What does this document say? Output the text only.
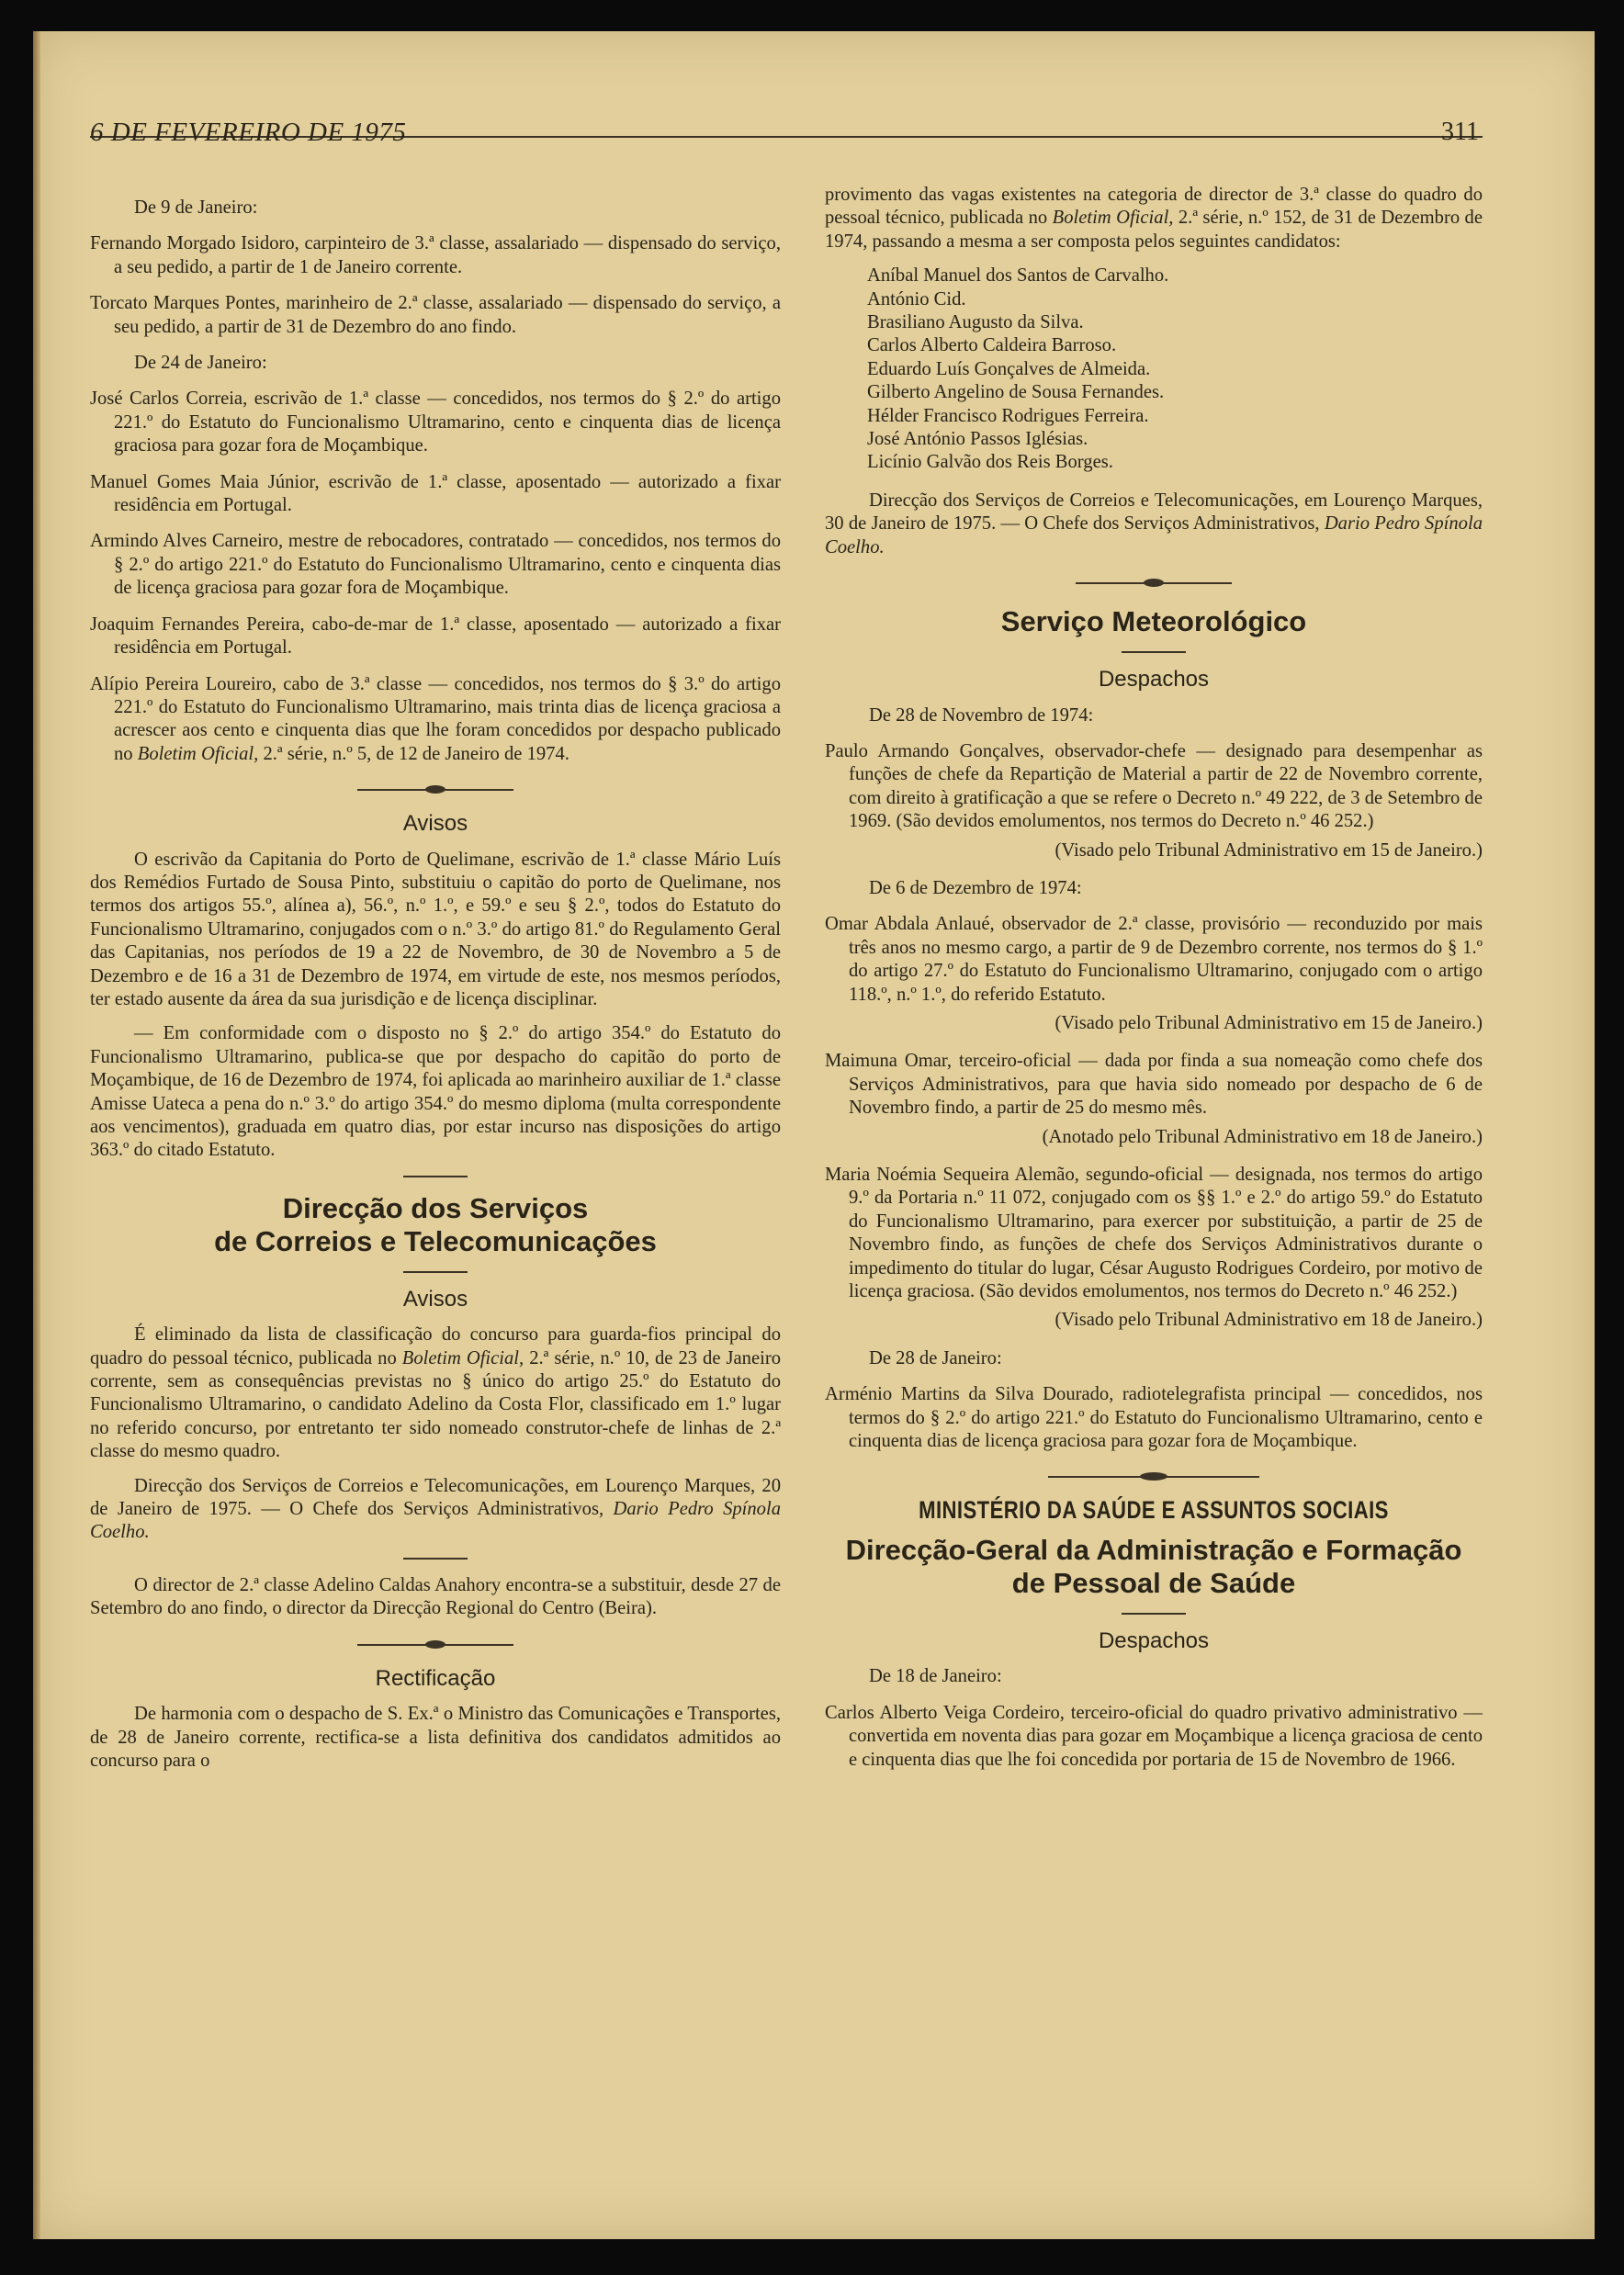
6 DE FEVEREIRO DE 1975	311

De 9 de Janeiro:

Fernando Morgado Isidoro, carpinteiro de 3.ª classe, assalariado — dispensado do serviço, a seu pedido, a partir de 1 de Janeiro corrente.

Torcato Marques Pontes, marinheiro de 2.ª classe, assalariado — dispensado do serviço, a seu pedido, a partir de 31 de Dezembro do ano findo.

De 24 de Janeiro:

José Carlos Correia, escrivão de 1.ª classe — concedidos, nos termos do § 2.º do artigo 221.º do Estatuto do Funcionalismo Ultramarino, cento e cinquenta dias de licença graciosa para gozar fora de Moçambique.

Manuel Gomes Maia Júnior, escrivão de 1.ª classe, aposentado — autorizado a fixar residência em Portugal.

Armindo Alves Carneiro, mestre de rebocadores, contratado — concedidos, nos termos do § 2.º do artigo 221.º do Estatuto do Funcionalismo Ultramarino, cento e cinquenta dias de licença graciosa para gozar fora de Moçambique.

Joaquim Fernandes Pereira, cabo-de-mar de 1.ª classe, aposentado — autorizado a fixar residência em Portugal.

Alípio Pereira Loureiro, cabo de 3.ª classe — concedidos, nos termos do § 3.º do artigo 221.º do Estatuto do Funcionalismo Ultramarino, mais trinta dias de licença graciosa a acrescer aos cento e cinquenta dias que lhe foram concedidos por despacho publicado no Boletim Oficial, 2.ª série, n.º 5, de 12 de Janeiro de 1974.

Avisos

O escrivão da Capitania do Porto de Quelimane, escrivão de 1.ª classe Mário Luís dos Remédios Furtado de Sousa Pinto, substituiu o capitão do porto de Quelimane, nos termos dos artigos 55.º, alínea a), 56.º, n.º 1.º, e 59.º e seu § 2.º, todos do Estatuto do Funcionalismo Ultramarino, conjugados com o n.º 3.º do artigo 81.º do Regulamento Geral das Capitanias, nos períodos de 19 a 22 de Novembro, de 30 de Novembro a 5 de Dezembro e de 16 a 31 de Dezembro de 1974, em virtude de este, nos mesmos períodos, ter estado ausente da área da sua jurisdição e de licença disciplinar.

— Em conformidade com o disposto no § 2.º do artigo 354.º do Estatuto do Funcionalismo Ultramarino, publica-se que por despacho do capitão do porto de Moçambique, de 16 de Dezembro de 1974, foi aplicada ao marinheiro auxiliar de 1.ª classe Amisse Uateca a pena do n.º 3.º do artigo 354.º do mesmo diploma (multa correspondente aos vencimentos), graduada em quatro dias, por estar incurso nas disposições do artigo 363.º do citado Estatuto.

Direcção dos Serviços
de Correios e Telecomunicações
Avisos

É eliminado da lista de classificação do concurso para guarda-fios principal do quadro do pessoal técnico, publicada no Boletim Oficial, 2.ª série, n.º 10, de 23 de Janeiro corrente, sem as consequências previstas no § único do artigo 25.º do Estatuto do Funcionalismo Ultramarino, o candidato Adelino da Costa Flor, classificado em 1.º lugar no referido concurso, por entretanto ter sido nomeado construtor-chefe de linhas de 2.ª classe do mesmo quadro.

Direcção dos Serviços de Correios e Telecomunicações, em Lourenço Marques, 20 de Janeiro de 1975. — O Chefe dos Serviços Administrativos, Dario Pedro Spínola Coelho.

O director de 2.ª classe Adelino Caldas Anahory encontra-se a substituir, desde 27 de Setembro do ano findo, o director da Direcção Regional do Centro (Beira).

Rectificação

De harmonia com o despacho de S. Ex.ª o Ministro das Comunicações e Transportes, de 28 de Janeiro corrente, rectifica-se a lista definitiva dos candidatos admitidos ao concurso para o

provimento das vagas existentes na categoria de director de 3.ª classe do quadro do pessoal técnico, publicada no Boletim Oficial, 2.ª série, n.º 152, de 31 de Dezembro de 1974, passando a mesma a ser composta pelos seguintes candidatos:

Aníbal Manuel dos Santos de Carvalho.
António Cid.
Brasiliano Augusto da Silva.
Carlos Alberto Caldeira Barroso.
Eduardo Luís Gonçalves de Almeida.
Gilberto Angelino de Sousa Fernandes.
Hélder Francisco Rodrigues Ferreira.
José António Passos Iglésias.
Licínio Galvão dos Reis Borges.

Direcção dos Serviços de Correios e Telecomunicações, em Lourenço Marques, 30 de Janeiro de 1975. — O Chefe dos Serviços Administrativos, Dario Pedro Spínola Coelho.

Serviço Meteorológico
Despachos

De 28 de Novembro de 1974:

Paulo Armando Gonçalves, observador-chefe — designado para desempenhar as funções de chefe da Repartição de Material a partir de 22 de Novembro corrente, com direito à gratificação a que se refere o Decreto n.º 49 222, de 3 de Setembro de 1969. (São devidos emolumentos, nos termos do Decreto n.º 46 252.)

(Visado pelo Tribunal Administrativo em 15 de Janeiro.)

De 6 de Dezembro de 1974:

Omar Abdala Anlaué, observador de 2.ª classe, provisório — reconduzido por mais três anos no mesmo cargo, a partir de 9 de Dezembro corrente, nos termos do § 1.º do artigo 27.º do Estatuto do Funcionalismo Ultramarino, conjugado com o artigo 118.º, n.º 1.º, do referido Estatuto.

(Visado pelo Tribunal Administrativo em 15 de Janeiro.)

Maimuna Omar, terceiro-oficial — dada por finda a sua nomeação como chefe dos Serviços Administrativos, para que havia sido nomeado por despacho de 6 de Novembro findo, a partir de 25 do mesmo mês.

(Anotado pelo Tribunal Administrativo em 18 de Janeiro.)

Maria Noémia Sequeira Alemão, segundo-oficial — designada, nos termos do artigo 9.º da Portaria n.º 11 072, conjugado com os §§ 1.º e 2.º do artigo 59.º do Estatuto do Funcionalismo Ultramarino, para exercer por substituição, a partir de 25 de Novembro findo, as funções de chefe dos Serviços Administrativos durante o impedimento do titular do lugar, César Augusto Rodrigues Cordeiro, por motivo de licença graciosa. (São devidos emolumentos, nos termos do Decreto n.º 46 252.)

(Visado pelo Tribunal Administrativo em 18 de Janeiro.)

De 28 de Janeiro:

Arménio Martins da Silva Dourado, radiotelegrafista principal — concedidos, nos termos do § 2.º do artigo 221.º do Estatuto do Funcionalismo Ultramarino, cento e cinquenta dias de licença graciosa para gozar fora de Moçambique.

MINISTÉRIO DA SAÚDE E ASSUNTOS SOCIAIS
Direcção-Geral da Administração e Formação
de Pessoal de Saúde
Despachos

De 18 de Janeiro:

Carlos Alberto Veiga Cordeiro, terceiro-oficial do quadro privativo administrativo — convertida em noventa dias para gozar em Moçambique a licença graciosa de cento e cinquenta dias que lhe foi concedida por portaria de 15 de Novembro de 1966.
